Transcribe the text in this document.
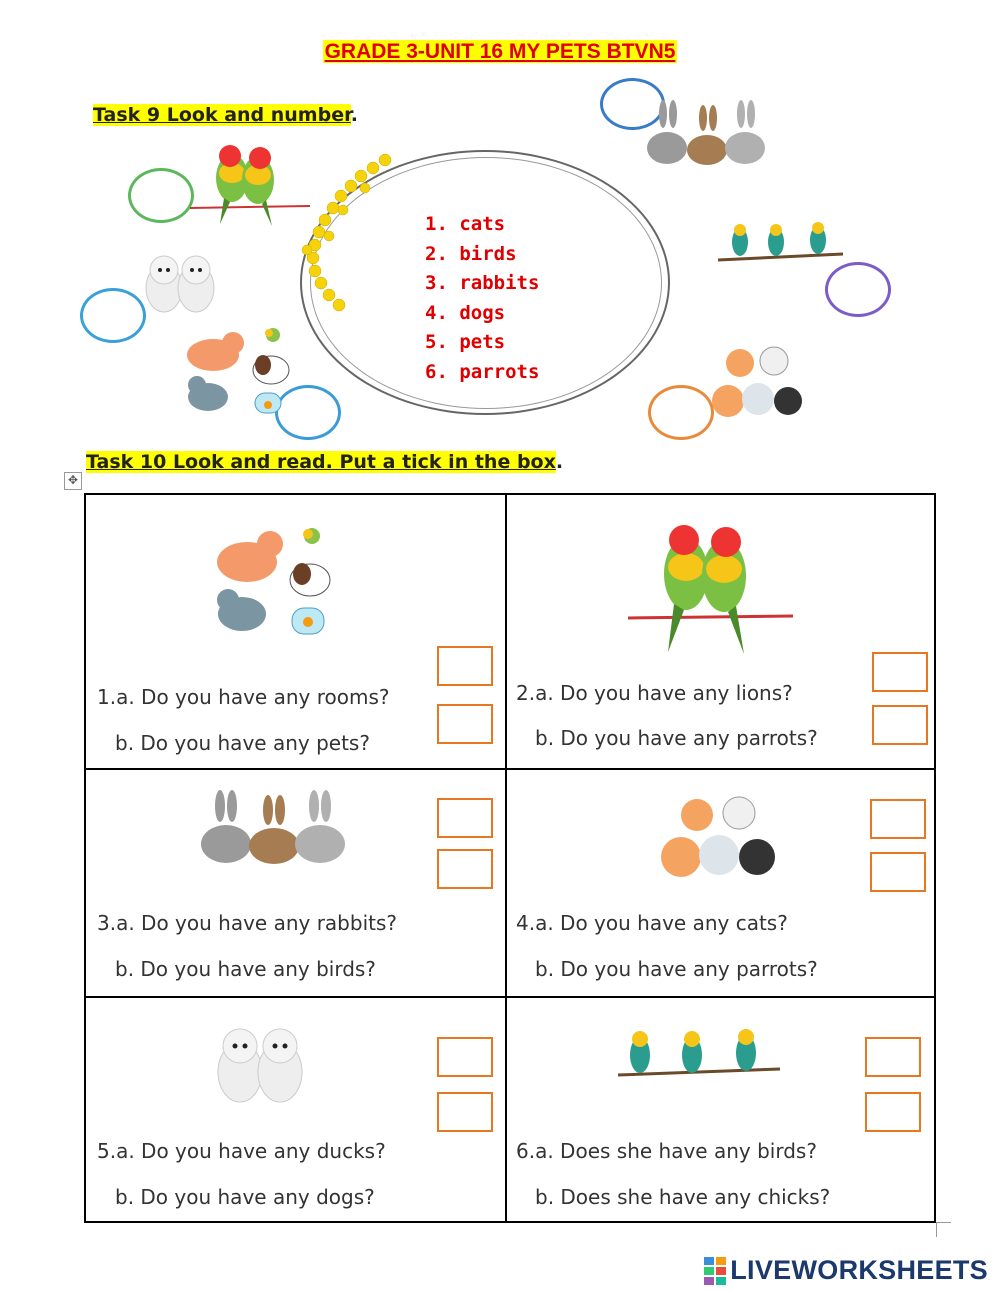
GRADE 3-UNIT 16 MY PETS BTVN5
Task 9 Look and number.
1. cats
2. birds
3. rabbits
4. dogs
5. pets
6. parrots
Task 10 Look and read. Put a tick in the box.
✥
1.a. Do you have any rooms?
b. Do you have any pets?
2.a. Do you have any lions?
b. Do you have any parrots?
3.a. Do you have any rabbits?
b. Do you have any birds?
4.a. Do you have any cats?
b. Do you have any parrots?
5.a. Do you have any ducks?
b. Do you have any dogs?
6.a. Does she have any birds?
b. Does she have any chicks?
LIVEWORKSHEETS
